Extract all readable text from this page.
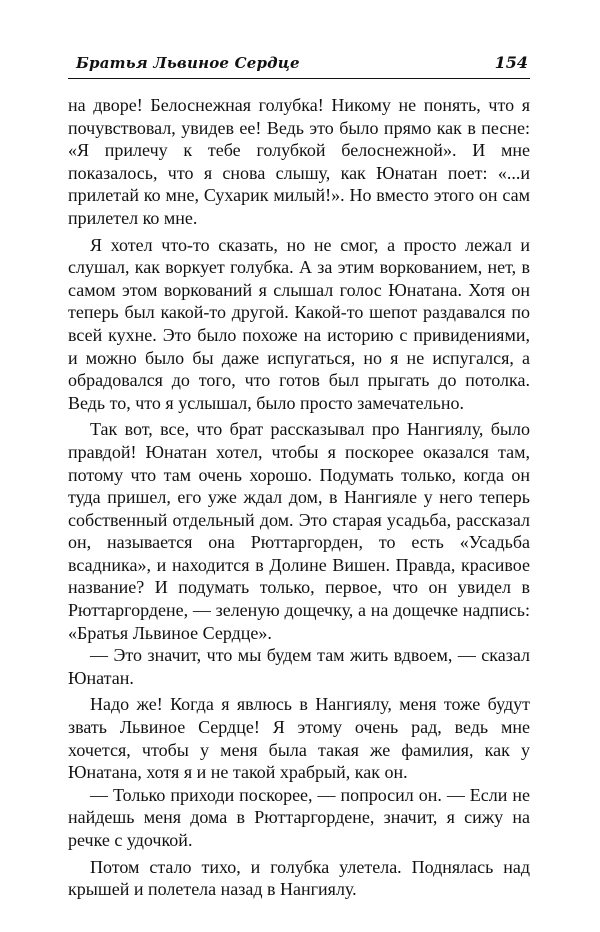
Братья Львиное Сердце	154

на дворе! Белоснежная голубка! Никому не понять, что я почувствовал, увидев ее! Ведь это было прямо как в песне: «Я прилечу к тебе голубкой белоснежной». И мне показалось, что я снова слышу, как Юнатан поет: «...и прилетай ко мне, Сухарик милый!». Но вместо этого он сам прилетел ко мне.

Я хотел что-то сказать, но не смог, а просто лежал и слушал, как воркует голубка. А за этим воркованием, нет, в самом этом воркований я слышал голос Юнатана. Хотя он теперь был какой-то другой. Какой-то шепот раздавался по всей кухне. Это было похоже на историю с привидениями, и можно было бы даже испугаться, но я не испугался, а обрадовался до того, что готов был прыгать до потолка. Ведь то, что я услышал, было просто замечательно.

Так вот, все, что брат рассказывал про Нангиялу, было правдой! Юнатан хотел, чтобы я поскорее оказался там, потому что там очень хорошо. Подумать только, когда он туда пришел, его уже ждал дом, в Нангияле у него теперь собственный отдельный дом. Это старая усадьба, рассказал он, называется она Рюттаргорден, то есть «Усадьба всадника», и находится в Долине Вишен. Правда, красивое название? И подумать только, первое, что он увидел в Рюттаргордене, — зеленую дощечку, а на дощечке надпись: «Братья Львиное Сердце».

— Это значит, что мы будем там жить вдвоем, — сказал Юнатан.

Надо же! Когда я явлюсь в Нангиялу, меня тоже будут звать Львиное Сердце! Я этому очень рад, ведь мне хочется, чтобы у меня была такая же фамилия, как у Юнатана, хотя я и не такой храбрый, как он.

— Только приходи поскорее, — попросил он. — Если не найдешь меня дома в Рюттаргордене, значит, я сижу на речке с удочкой.

Потом стало тихо, и голубка улетела. Поднялась над крышей и полетела назад в Нангиялу.
